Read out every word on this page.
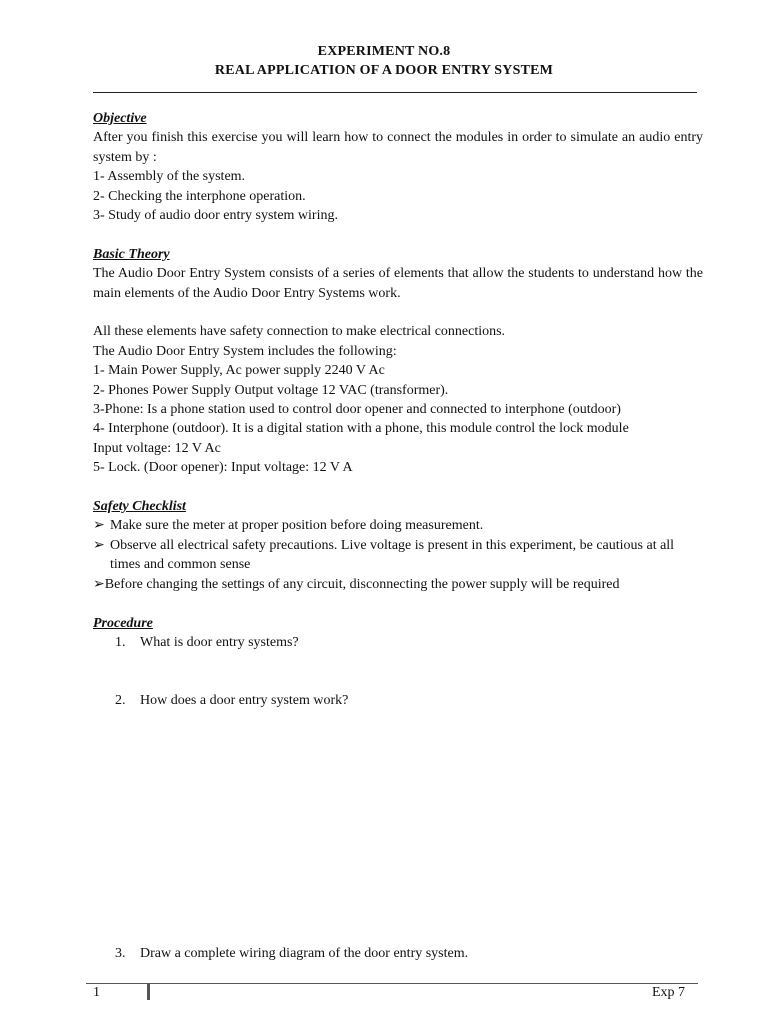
EXPERIMENT NO.8
REAL APPLICATION OF A DOOR ENTRY SYSTEM
Objective
After you finish this exercise you will learn how to connect the modules in order to simulate an audio entry system by :
1- Assembly of the system.
2- Checking the interphone operation.
3- Study of audio door entry system wiring.
Basic Theory
The Audio Door Entry System consists of a series of elements that allow the students to understand how the main elements of the Audio Door Entry Systems work.
All these elements have safety connection to make electrical connections.
The Audio Door Entry System includes the following:
1- Main Power Supply, Ac power supply 2240 V Ac
2- Phones Power Supply Output voltage 12 VAC (transformer).
3-Phone: Is a phone station used to control door opener and connected to interphone (outdoor)
4- Interphone (outdoor). It is a digital station with a phone, this module control the lock module
Input voltage: 12 V Ac
5- Lock. (Door opener): Input voltage: 12 V A
Safety Checklist
➢ Make sure the meter at proper position before doing measurement.
➢ Observe all electrical safety precautions. Live voltage is present in this experiment, be cautious at all times and common sense
➢Before changing the settings of any circuit, disconnecting the power supply will be required
Procedure
1. What is door entry systems?
2. How does a door entry system work?
3. Draw a complete wiring diagram of the door entry system.
1	Exp 7
